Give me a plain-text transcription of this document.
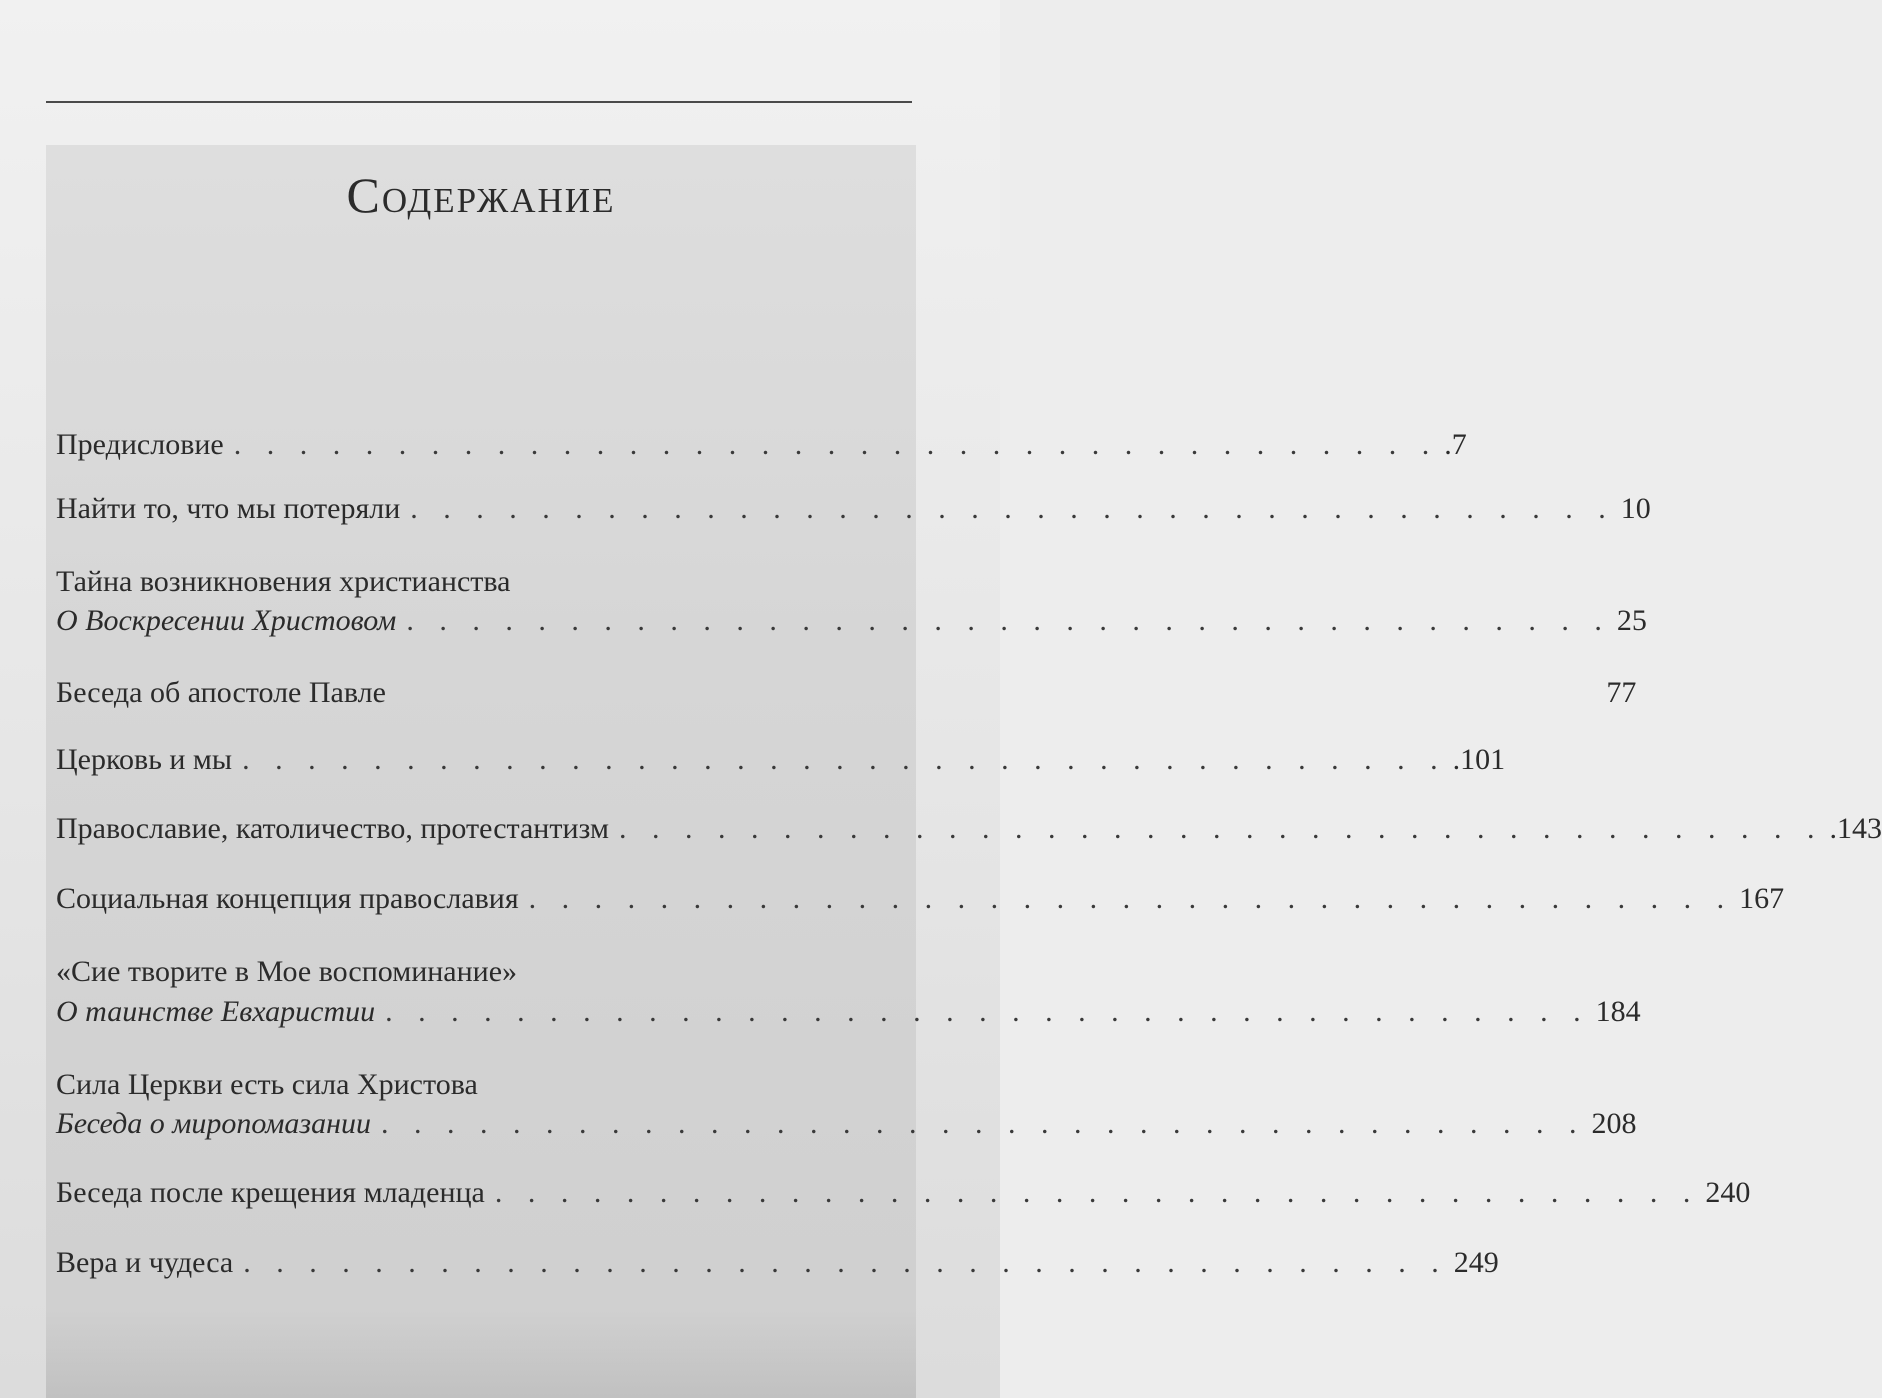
Содержание
Предисловие . . . . . . . . . . . . . . . . . . . . . . . . . . . . . . . . . . . . . .7
Найти то, что мы потеряли . . . . . . . . . . . . . . . . . . . . . . . . . . . . . . . . . . . . . 10
Тайна возникновения христианства
О Воскресении Христовом . . . . . . . . . . . . . . . . . . . . . . . . . . . . . . . . . . . . . 25
Беседа об апостоле Павле	77
Церковь и мы . . . . . . . . . . . . . . . . . . . . . . . . . . . . . . . . . . . . . .101
Православие, католичество, протестантизм . . . . . . . . . . . . . . . . . . . . . . . . . . . . . . . . . . . . . .143
Социальная концепция православия . . . . . . . . . . . . . . . . . . . . . . . . . . . . . . . . . . . . . 167
«Сие творите в Мое воспоминание»
О таинстве Евхаристии . . . . . . . . . . . . . . . . . . . . . . . . . . . . . . . . . . . . . 184
Сила Церкви есть сила Христова
Беседа о миропомазании . . . . . . . . . . . . . . . . . . . . . . . . . . . . . . . . . . . . . 208
Беседа после крещения младенца . . . . . . . . . . . . . . . . . . . . . . . . . . . . . . . . . . . . . 240
Вера и чудеса . . . . . . . . . . . . . . . . . . . . . . . . . . . . . . . . . . . . . 249
